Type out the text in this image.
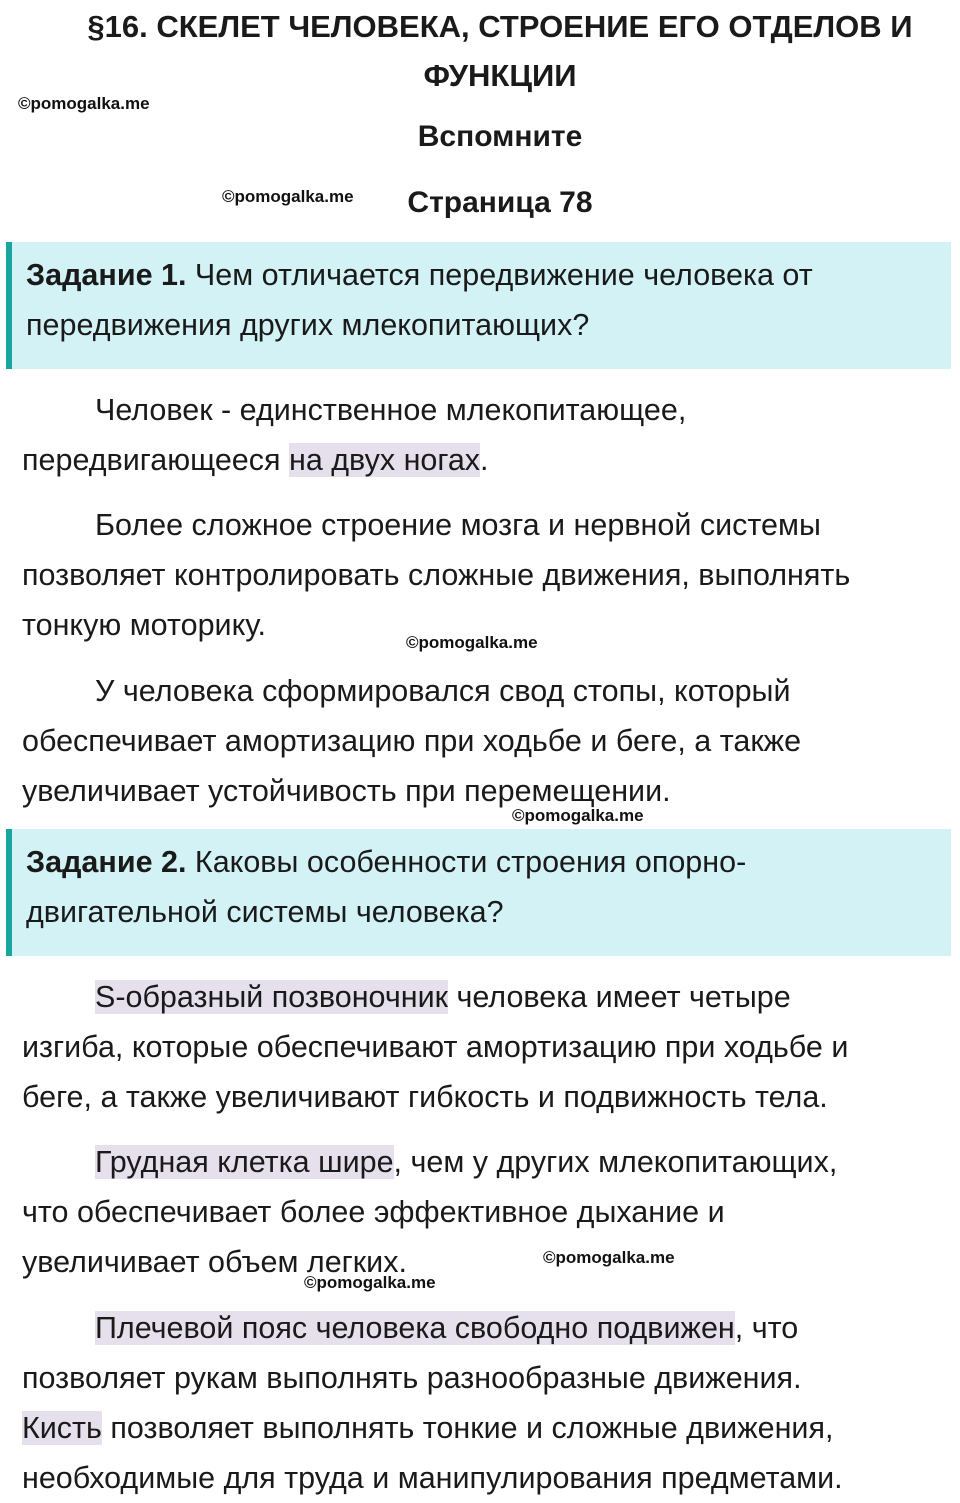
§16. СКЕЛЕТ ЧЕЛОВЕКА, СТРОЕНИЕ ЕГО ОТДЕЛОВ И
ФУНКЦИИ
©pomogalka.me
Вспомните
©pomogalka.me	Страница 78
Задание 1. Чем отличается передвижение человека от
передвижения других млекопитающих?
Человек - единственное млекопитающее,
передвигающееся на двух ногах.
Более сложное строение мозга и нервной системы
позволяет контролировать сложные движения, выполнять
тонкую моторику.
©pomogalka.me
У человека сформировался свод стопы, который
обеспечивает амортизацию при ходьбе и беге, а также
увеличивает устойчивость при перемещении.
©pomogalka.me
Задание 2. Каковы особенности строения опорно-
двигательной системы человека?
S-образный позвоночник человека имеет четыре
изгиба, которые обеспечивают амортизацию при ходьбе и
беге, а также увеличивают гибкость и подвижность тела.
Грудная клетка шире, чем у других млекопитающих,
что обеспечивает более эффективное дыхание и
увеличивает объем легких.	©pomogalka.me
©pomogalka.me
Плечевой пояс человека свободно подвижен, что
позволяет рукам выполнять разнообразные движения.
Кисть позволяет выполнять тонкие и сложные движения,
необходимые для труда и манипулирования предметами.
